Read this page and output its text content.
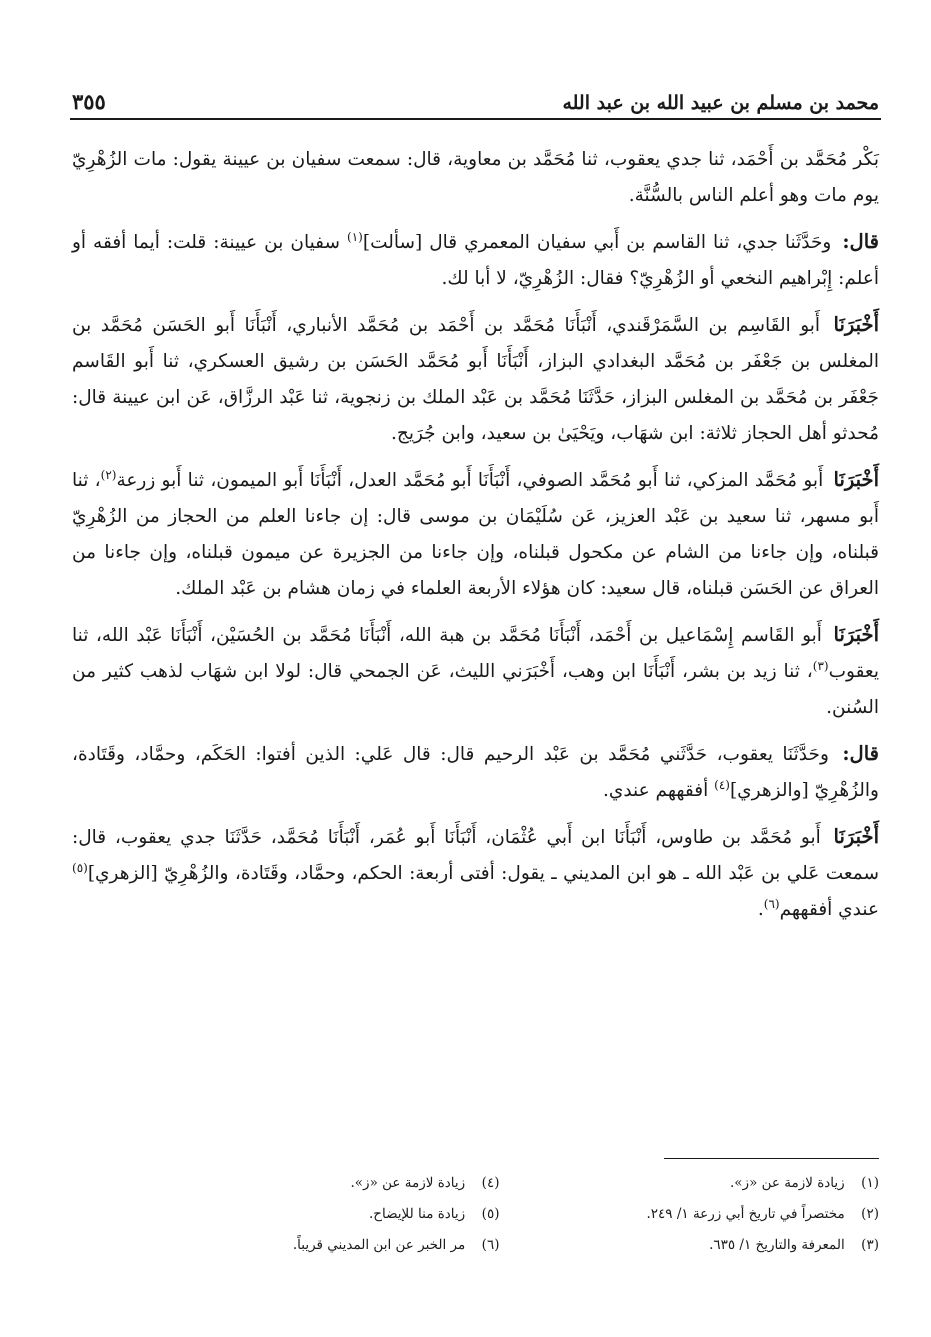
محمد بن مسلم بن عبيد الله بن عبد الله
٣٥٥

بَكْر مُحَمَّد بن أَحْمَد، ثنا جدي يعقوب، ثنا مُحَمَّد بن معاوية، قال: سمعت سفيان بن عيينة يقول: مات الزُهْرِيّ يوم مات وهو أعلم الناس بالسُّنَّة.

قال: وحَدَّثَنا جدي، ثنا القاسم بن أَبي سفيان المعمري قال [سألت]$^{(١)}$ سفيان بن عيينة: قلت: أيما أفقه أو أعلم: إِبْراهيم النخعي أو الزُهْرِيّ؟ فقال: الزُهْرِيّ، لا أبا لك.

أَخْبَرَنَا أَبو القَاسِم بن السَّمَرْقَندي، أَنْبَأَنَا مُحَمَّد بن أَحْمَد بن مُحَمَّد الأنباري، أَنْبَأَنَا أَبو الحَسَن مُحَمَّد بن المغلس بن جَعْفَر بن مُحَمَّد البغدادي البزاز، أَنْبَأَنَا أَبو مُحَمَّد الحَسَن بن رشيق العسكري، ثنا أَبو القَاسم جَعْفَر بن مُحَمَّد بن المغلس البزاز، حَدَّثَنَا مُحَمَّد بن عَبْد الملك بن زنجوية، ثنا عَبْد الرزَّاق، عَن ابن عيينة قال: مُحدثو أهل الحجاز ثلاثة: ابن شهَاب، ويَحْيَىٰ بن سعيد، وابن جُرَيج.

أَخْبَرَنَا أَبو مُحَمَّد المزكي، ثنا أَبو مُحَمَّد الصوفي، أَنْبَأَنَا أَبو مُحَمَّد العدل، أَنْبَأَنَا أَبو الميمون، ثنا أَبو زرعة$^{(٢)}$، ثنا أَبو مسهر، ثنا سعيد بن عَبْد العزيز، عَن سُلَيْمَان بن موسى قال: إن جاءنا العلم من الحجاز من الزُهْرِيّ قبلناه، وإن جاءنا من الشام عن مكحول قبلناه، وإن جاءنا من الجزيرة عن ميمون قبلناه، وإن جاءنا من العراق عن الحَسَن قبلناه، قال سعيد: كان هؤلاء الأربعة العلماء في زمان هشام بن عَبْد الملك.

أَخْبَرَنَا أَبو القَاسم إِسْمَاعيل بن أَحْمَد، أَنْبَأَنَا مُحَمَّد بن هبة الله، أَنْبَأَنَا مُحَمَّد بن الحُسَيْن، أَنْبَأَنَا عَبْد الله، ثنا يعقوب$^{(٣)}$، ثنا زيد بن بشر، أَنْبَأَنَا ابن وهب، أَخْبَرَني الليث، عَن الجمحي قال: لولا ابن شهَاب لذهب كثير من السُنن.

قال: وحَدَّثَنَا يعقوب، حَدَّثَني مُحَمَّد بن عَبْد الرحيم قال: قال عَلي: الذين أفتوا: الحَكَم، وحمَّاد، وقَتَادة، والزُهْرِيّ [والزهري]$^{(٤)}$ أفقههم عندي.

أَخْبَرَنَا أَبو مُحَمَّد بن طاوس، أَنْبَأَنَا ابن أَبي عُثْمَان، أَنْبَأَنَا أَبو عُمَر، أَنْبَأَنَا مُحَمَّد، حَدَّثَنَا جدي يعقوب، قال: سمعت عَلي بن عَبْد الله ـ هو ابن المديني ـ يقول: أفتى أربعة: الحكم، وحمَّاد، وقَتَادة، والزُهْرِيّ [الزهري]$^{(٥)}$ عندي أفقههم$^{(٦)}$.

(١) زيادة لازمة عن «ز».
(٢) مختصراً في تاريخ أبي زرعة ١/ ٢٤٩.
(٣) المعرفة والتاريخ ١/ ٦٣٥.
(٤) زيادة لازمة عن «ز».
(٥) زيادة منا للإيضاح.
(٦) مر الخبر عن ابن المديني قريباً.
